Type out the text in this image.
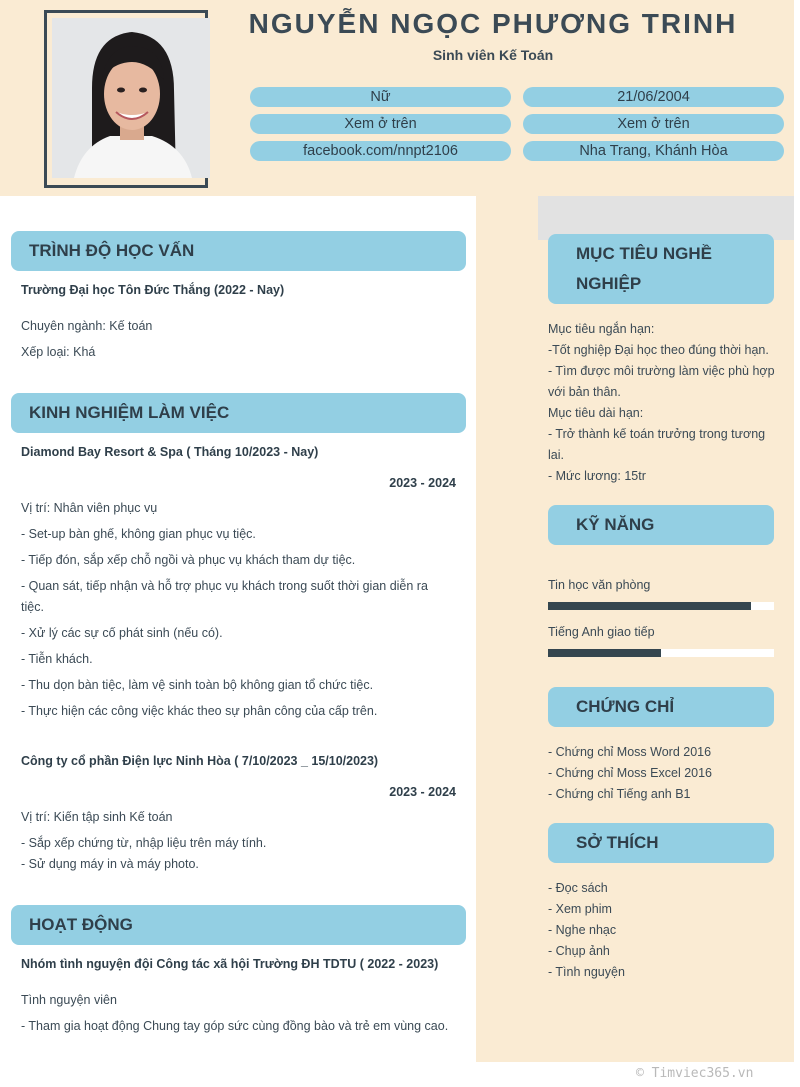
NGUYỄN NGỌC PHƯƠNG TRINH
Sinh viên Kế Toán
Nữ	21/06/2004
Xem ở trên	Xem ở trên
facebook.com/nnpt2106	Nha Trang, Khánh Hòa
TRÌNH ĐỘ HỌC VẤN
Trường Đại học Tôn Đức Thắng (2022 - Nay)
Chuyên ngành: Kế toán
Xếp loại: Khá
KINH NGHIỆM LÀM VIỆC
Diamond Bay Resort & Spa ( Tháng 10/2023 - Nay)
2023 - 2024
Vị trí: Nhân viên phục vụ
- Set-up bàn ghế, không gian phục vụ tiệc.
- Tiếp đón, sắp xếp chỗ ngồi và phục vụ khách tham dự tiệc.
- Quan sát, tiếp nhận và hỗ trợ phục vụ khách trong suốt thời gian diễn ra tiệc.
- Xử lý các sự cố phát sinh (nếu có).
- Tiễn khách.
- Thu dọn bàn tiệc, làm vệ sinh toàn bộ không gian tổ chức tiệc.
- Thực hiện các công việc khác theo sự phân công của cấp trên.
Công ty cổ phần Điện lực Ninh Hòa ( 7/10/2023 _ 15/10/2023)
2023 - 2024
Vị trí: Kiến tập sinh Kế toán
- Sắp xếp chứng từ, nhập liệu trên máy tính.
- Sử dụng máy in và máy photo.
HOẠT ĐỘNG
Nhóm tình nguyện đội Công tác xã hội Trường ĐH TDTU ( 2022 - 2023)
Tình nguyện viên
- Tham gia hoạt động Chung tay góp sức cùng đồng bào và trẻ em vùng cao.
MỤC TIÊU NGHỀ
NGHIỆP
Mục tiêu ngắn hạn:
-Tốt nghiệp Đại học theo đúng thời hạn.
- Tìm được môi trường làm việc phù hợp với bản thân.
Mục tiêu dài hạn:
- Trở thành kế toán trưởng trong tương lai.
- Mức lương: 15tr
KỸ NĂNG
Tin học văn phòng
Tiếng Anh giao tiếp
CHỨNG CHỈ
- Chứng chỉ Moss Word 2016
- Chứng chỉ Moss Excel 2016
- Chứng chỉ Tiếng anh B1
SỞ THÍCH
- Đọc sách
- Xem phim
- Nghe nhạc
- Chụp ảnh
- Tình nguyện
© Timviec365.vn
